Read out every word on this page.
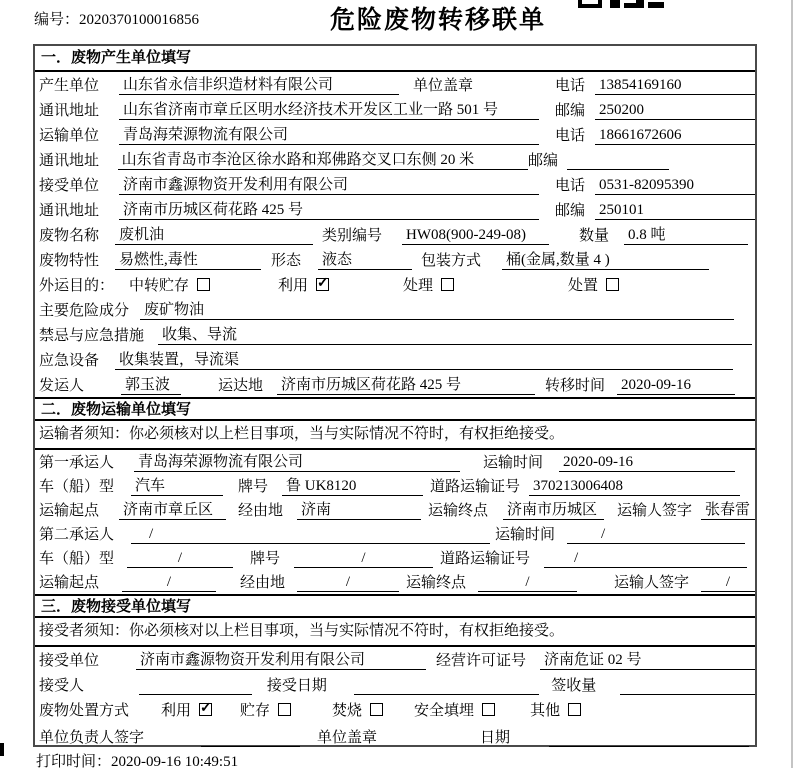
编号：2020370100016856	危险废物转移联单
一．废物产生单位填写
产生单位 山东省永信非织造材料有限公司	单位盖章	电话 13854169160
通讯地址 山东省济南市章丘区明水经济技术开发区工业一路 501 号	邮编 250200
运输单位 青岛海荣源物流有限公司	电话 18661672606
通讯地址 山东省青岛市李沧区徐水路和郑佛路交叉口东侧 20 米	邮编
接受单位 济南市鑫源物资开发利用有限公司	电话 0531-82095390
通讯地址 济南市历城区荷花路 425 号	邮编 250101
废物名称 废机油	类别编号 HW08(900-249-08)	数量 0.8 吨
废物特性 易燃性,毒性	形态 液态	包装方式 桶(金属,数量 4 )
外运目的： 中转贮存	利用 ✓	处理	处置
主要危险成分 废矿物油
禁忌与应急措施 收集、导流
应急设备 收集装置，导流渠
发运人	郭玉波	运达地 济南市历城区荷花路 425 号	转移时间 2020-09-16
二．废物运输单位填写
运输者须知：你必须核对以上栏目事项，当与实际情况不符时，有权拒绝接受。
第一承运人 青岛海荣源物流有限公司	运输时间 2020-09-16
车（船）型 汽车	牌号 鲁 UK8120	道路运输证号 370213006408
运输起点 济南市章丘区	经由地 济南	运输终点 济南市历城区	运输人签字 张春雷
第二承运人	/	运输时间	/
车（船）型	/	牌号	/	道路运输证号	/
运输起点	/	经由地	/	运输终点	/	运输人签字	/
三．废物接受单位填写
接受者须知：你必须核对以上栏目事项，当与实际情况不符时，有权拒绝接受。
接受单位	济南市鑫源物资开发利用有限公司	经营许可证号 济南危证 02 号
接受人	接受日期	签收量
废物处置方式 利用 ✓	贮存	焚烧	安全填埋	其他
单位负责人签字	单位盖章	日期
打印时间：2020-09-16 10:49:51
